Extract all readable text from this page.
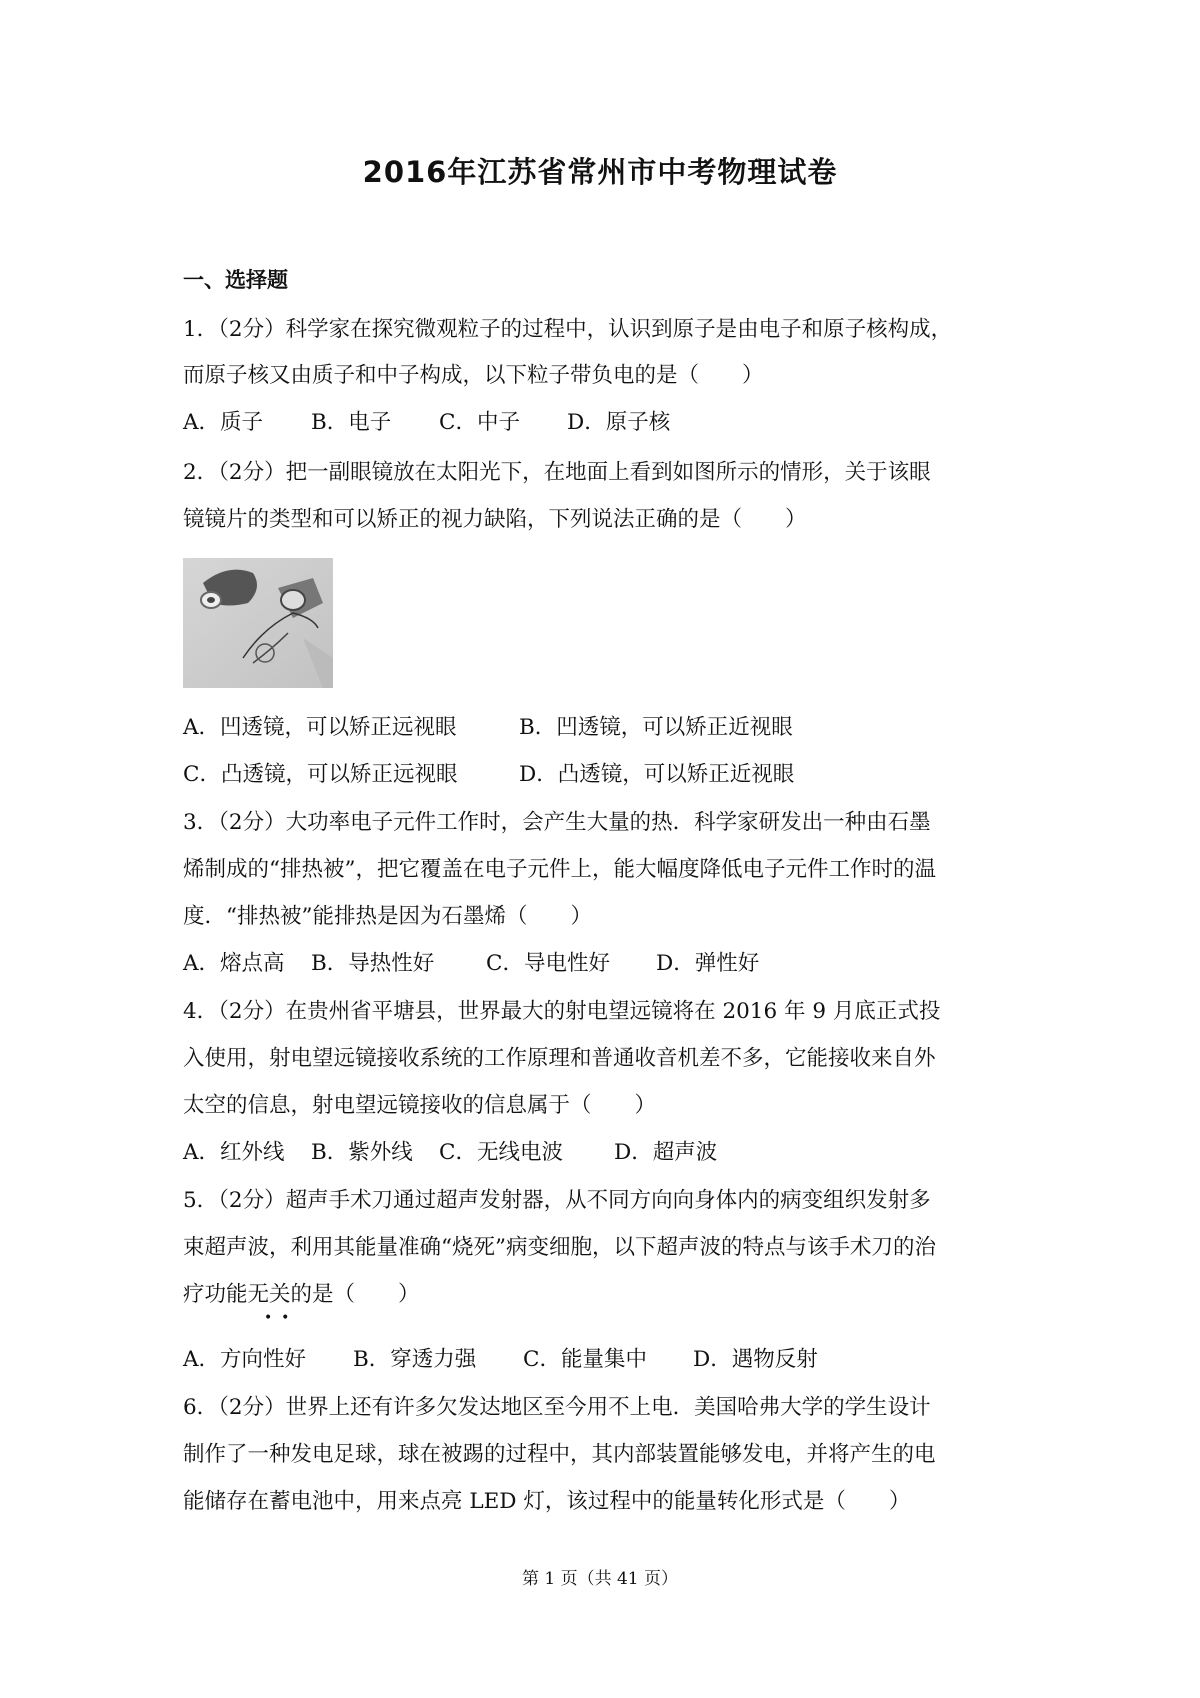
2016年江苏省常州市中考物理试卷
一、选择题
1．（2分）科学家在探究微观粒子的过程中，认识到原子是由电子和原子核构成，
而原子核又由质子和中子构成，以下粒子带负电的是（　　）
A．质子 B．电子 C．中子 D．原子核
2．（2分）把一副眼镜放在太阳光下，在地面上看到如图所示的情形，关于该眼
镜镜片的类型和可以矫正的视力缺陷，下列说法正确的是（　　）
A．凹透镜，可以矫正远视眼	B．凹透镜，可以矫正近视眼
C．凸透镜，可以矫正远视眼	D．凸透镜，可以矫正近视眼
3．（2分）大功率电子元件工作时，会产生大量的热．科学家研发出一种由石墨
烯制成的“排热被”，把它覆盖在电子元件上，能大幅度降低电子元件工作时的温
度．“排热被”能排热是因为石墨烯（　　）
A．熔点高 B．导热性好 C．导电性好 D．弹性好
4．（2分）在贵州省平塘县，世界最大的射电望远镜将在 2016 年 9 月底正式投
入使用，射电望远镜接收系统的工作原理和普通收音机差不多，它能接收来自外
太空的信息，射电望远镜接收的信息属于（　　）
A．红外线 B．紫外线 C．无线电波 D．超声波
5．（2分）超声手术刀通过超声发射器，从不同方向向身体内的病变组织发射多
束超声波，利用其能量准确“烧死”病变细胞，以下超声波的特点与该手术刀的治
疗功能无关的是（　　）
•  •
A．方向性好 B．穿透力强 C．能量集中 D．遇物反射
6．（2分）世界上还有许多欠发达地区至今用不上电．美国哈弗大学的学生设计
制作了一种发电足球，球在被踢的过程中，其内部装置能够发电，并将产生的电
能储存在蓄电池中，用来点亮 LED 灯，该过程中的能量转化形式是（　　）
第 1 页（共 41 页）
